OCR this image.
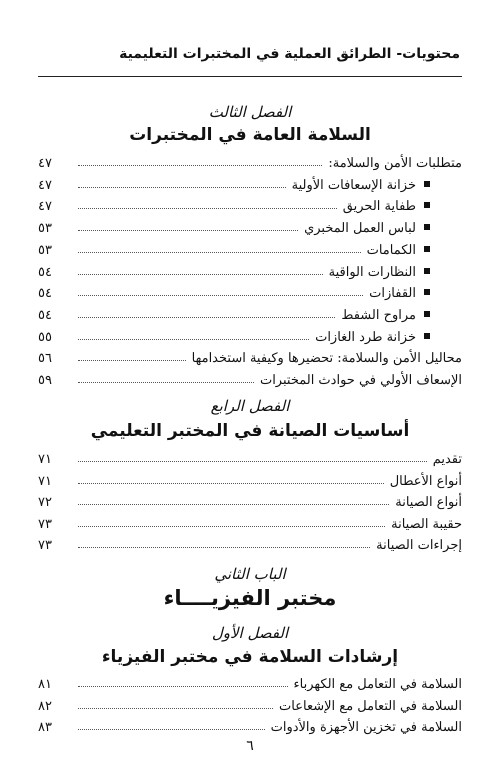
محتويات- الطرائق العملية في المختبرات التعليمية
الفصل الثالث
السلامة العامة في المختبرات
٤٧	متطلبات الأمن والسلامة:
٤٧	خزانة الإسعافات الأولية
٤٧	طفاية الحريق
٥٣	لباس العمل المخبري
٥٣	الكمامات
٥٤	النظارات الواقية
٥٤	القفازات
٥٤	مراوح الشفط
٥٥	خزانة طرد الغازات
٥٦	محاليل الأمن والسلامة: تحضيرها وكيفية استخدامها
٥٩	الإسعاف الأولي في حوادث المختبرات
الفصل الرابع
أساسيات الصيانة في المختبر التعليمي
٧١	تقديم
٧١	أنواع الأعطال
٧٢	أنواع الصيانة
٧٣	حقيبة الصيانة
٧٣	إجراءات الصيانة
الباب الثاني
مختبر الفيزيــــاء
الفصل الأول
إرشادات السلامة في مختبر الفيزياء
٨١	السلامة في التعامل مع الكهرباء
٨٢	السلامة في التعامل مع الإشعاعات
٨٣	السلامة في تخزين الأجهزة والأدوات
٦
